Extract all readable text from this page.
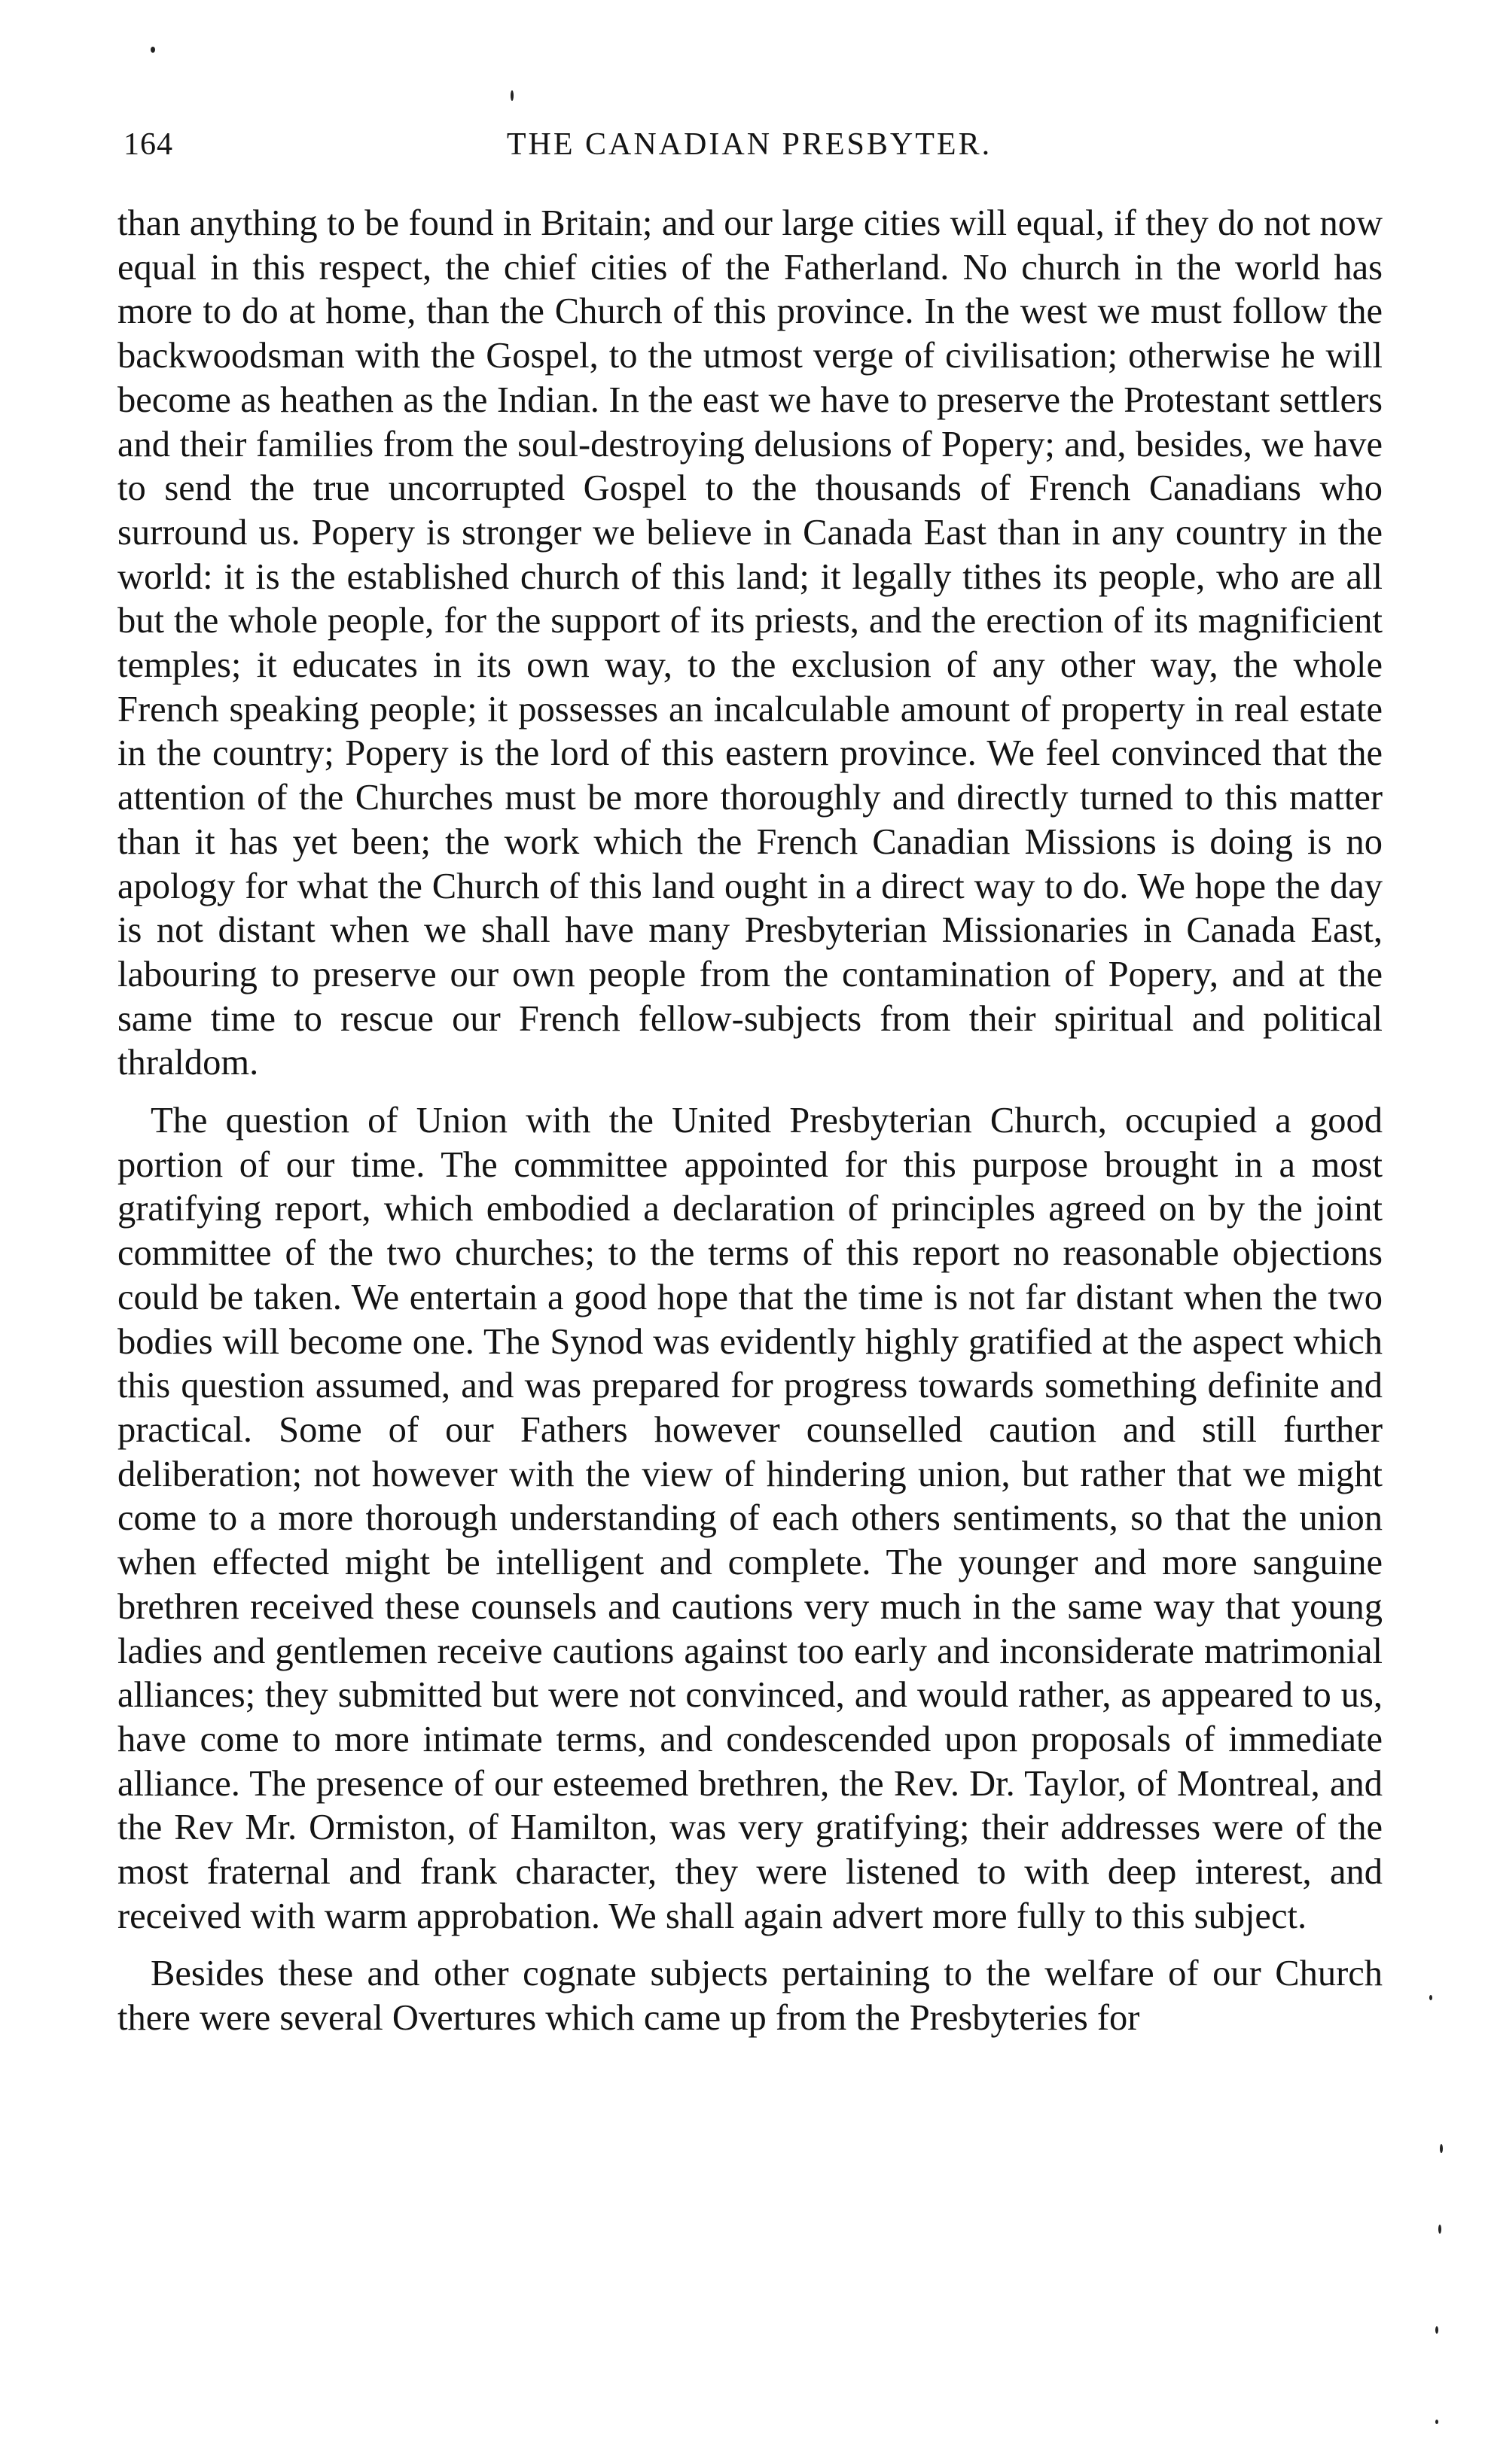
164	THE CANADIAN PRESBYTER.

than anything to be found in Britain; and our large cities will equal, if they do not now equal in this respect, the chief cities of the Fatherland. No church in the world has more to do at home, than the Church of this province. In the west we must follow the backwoodsman with the Gospel, to the utmost verge of civilisation; otherwise he will become as heathen as the Indian. In the east we have to preserve the Protestant settlers and their families from the soul-destroying delusions of Popery; and, besides, we have to send the true uncorrupted Gospel to the thousands of French Canadians who surround us. Popery is stronger we believe in Canada East than in any country in the world: it is the established church of this land; it legally tithes its people, who are all but the whole people, for the support of its priests, and the erection of its magnificient temples; it educates in its own way, to the exclusion of any other way, the whole French speaking people; it possesses an incalculable amount of property in real estate in the country; Popery is the lord of this eastern province. We feel convinced that the attention of the Churches must be more thoroughly and directly turned to this matter than it has yet been; the work which the French Canadian Missions is doing is no apology for what the Church of this land ought in a direct way to do. We hope the day is not distant when we shall have many Presbyterian Missionaries in Canada East, labouring to preserve our own people from the contamination of Popery, and at the same time to rescue our French fellow-subjects from their spiritual and political thraldom.

The question of Union with the United Presbyterian Church, occupied a good portion of our time. The committee appointed for this purpose brought in a most gratifying report, which embodied a declaration of principles agreed on by the joint committee of the two churches; to the terms of this report no reasonable objections could be taken. We entertain a good hope that the time is not far distant when the two bodies will become one. The Synod was evidently highly gratified at the aspect which this question assumed, and was prepared for progress towards something definite and practical. Some of our Fathers however counselled caution and still further deliberation; not however with the view of hindering union, but rather that we might come to a more thorough understanding of each others sentiments, so that the union when effected might be intelligent and complete. The younger and more sanguine brethren received these counsels and cautions very much in the same way that young ladies and gentlemen receive cautions against too early and inconsiderate matrimonial alliances; they submitted but were not convinced, and would rather, as appeared to us, have come to more intimate terms, and condescended upon proposals of immediate alliance. The presence of our esteemed brethren, the Rev. Dr. Taylor, of Montreal, and the Rev Mr. Ormiston, of Hamilton, was very gratifying; their addresses were of the most fraternal and frank character, they were listened to with deep interest, and received with warm approbation. We shall again advert more fully to this subject.

Besides these and other cognate subjects pertaining to the welfare of our Church there were several Overtures which came up from the Presbyteries for
